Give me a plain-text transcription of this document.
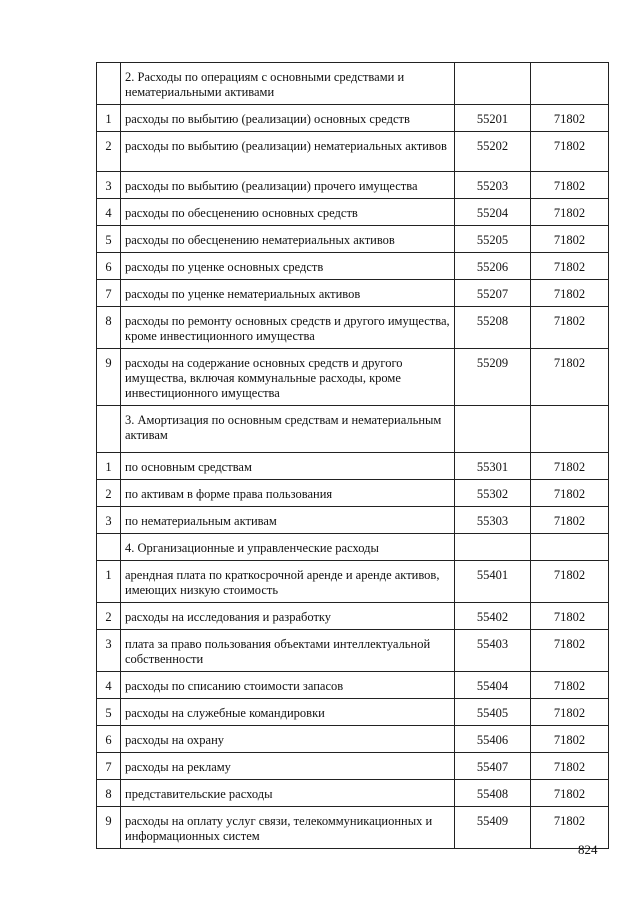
	2. Расходы по операциям с основными средствами и нематериальными активами		
1	расходы по выбытию (реализации) основных средств	55201	71802
2	расходы по выбытию (реализации) нематериальных активов	55202	71802
3	расходы по выбытию (реализации) прочего имущества	55203	71802
4	расходы по обесценению основных средств	55204	71802
5	расходы по обесценению нематериальных активов	55205	71802
6	расходы по уценке основных средств	55206	71802
7	расходы по уценке нематериальных активов	55207	71802
8	расходы по ремонту основных средств и другого имущества, кроме инвестиционного имущества	55208	71802
9	расходы на содержание основных средств и другого имущества, включая коммунальные расходы, кроме инвестиционного имущества	55209	71802
	3. Амортизация по основным средствам и нематериальным активам		
1	по основным средствам	55301	71802
2	по активам в форме права пользования	55302	71802
3	по нематериальным активам	55303	71802
	4. Организационные и управленческие расходы		
1	арендная плата по краткосрочной аренде и аренде активов, имеющих низкую стоимость	55401	71802
2	расходы на исследования и разработку	55402	71802
3	плата за право пользования объектами интеллектуальной собственности	55403	71802
4	расходы по списанию стоимости запасов	55404	71802
5	расходы на служебные командировки	55405	71802
6	расходы на охрану	55406	71802
7	расходы на рекламу	55407	71802
8	представительские расходы	55408	71802
9	расходы на оплату услуг связи, телекоммуникационных и информационных систем	55409	71802
824
